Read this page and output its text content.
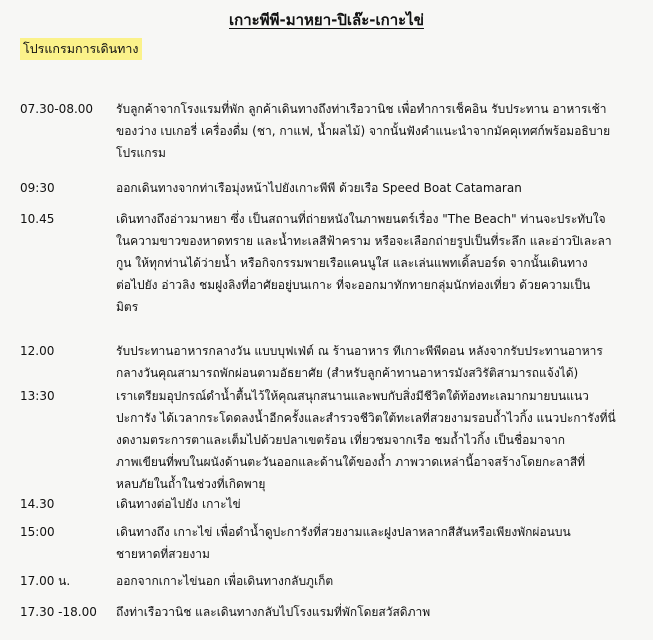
เกาะพีพี-มาหยา-ปิเล๊ะ-เกาะไข่
โปรแกรมการเดินทาง
07.30-08.00	รับลูกค้าจากโรงแรมที่พัก ลูกค้าเดินทางถึงท่าเรือวานิช เพื่อทำการเช็คอิน รับประทาน อาหารเช้า

ของว่าง เบเกอรี่ เครื่องดื่ม (ชา, กาแฟ, น้ำผลไม้) จากนั้นฟังคำแนะนำจากมัคคุเทศก์พร้อมอธิบาย

โปรแกรม

09:30	ออกเดินทางจากท่าเรือมุ่งหน้าไปยังเกาะพีพี ด้วยเรือ Speed Boat Catamaran

10.45	เดินทางถึงอ่าวมาหยา ซึ่ง เป็นสถานที่ถ่ายหนังในภาพยนตร์เรื่อง "The Beach" ท่านจะประทับใจ

ในความขาวของหาดทราย และน้ำทะเลสีฟ้าคราม หรือจะเลือกถ่ายรูปเป็นที่ระลึก และอ่าวปิเละลา

กูน ให้ทุกท่านได้ว่ายน้ำ หรือกิจกรรมพายเรือแคนนูใส และเล่นแพทเดิ้ลบอร์ด จากนั้นเดินทาง

ต่อไปยัง อ่าวลิง ชมฝูงลิงที่อาศัยอยู่บนเกาะ ที่จะออกมาทักทายกลุ่มนักท่องเที่ยว ด้วยความเป็น

มิตร

12.00	รับประทานอาหารกลางวัน แบบบุฟเฟ่ต์ ณ ร้านอาหาร ทีเกาะพีพีดอน หลังจากรับประทานอาหาร

กลางวันคุณสามารถพักผ่อนตามอัธยาศัย (สำหรับลูกค้าทานอาหารมังสวิรัติสามารถแจ้งได้)

13:30	เราเตรียมอุปกรณ์ดำน้ำตื้นไว้ให้คุณสนุกสนานและพบกับสิ่งมีชีวิตใต้ท้องทะเลมากมายบนแนว

ปะการัง ได้เวลากระโดดลงน้ำอีกครั้งและสำรวจชีวิตใต้ทะเลที่สวยงามรอบถ้ำไวกิ้ง แนวปะการังที่นี่

งดงามตระการตาและเต็มไปด้วยปลาเขตร้อน เที่ยวชมจากเรือ ชมถ้ำไวกิ้ง เป็นชื่อมาจาก

ภาพเขียนที่พบในผนังด้านตะวันออกและด้านใต้ของถ้ำ ภาพวาดเหล่านี้อาจสร้างโดยกะลาสีที่

หลบภัยในถ้ำในช่วงที่เกิดพายุ

14.30	เดินทางต่อไปยัง เกาะไข่

15:00	เดินทางถึง เกาะไข่ เพื่อดำน้ำดูปะการังที่สวยงามและฝูงปลาหลากสีสันหรือเพียงพักผ่อนบน

ชายหาดที่สวยงาม

17.00 น.	ออกจากเกาะไข่นอก เพื่อเดินทางกลับภูเก็ต

17.30 -18.00	ถึงท่าเรือวานิช และเดินทางกลับไปโรงแรมที่พักโดยสวัสดิภาพ
